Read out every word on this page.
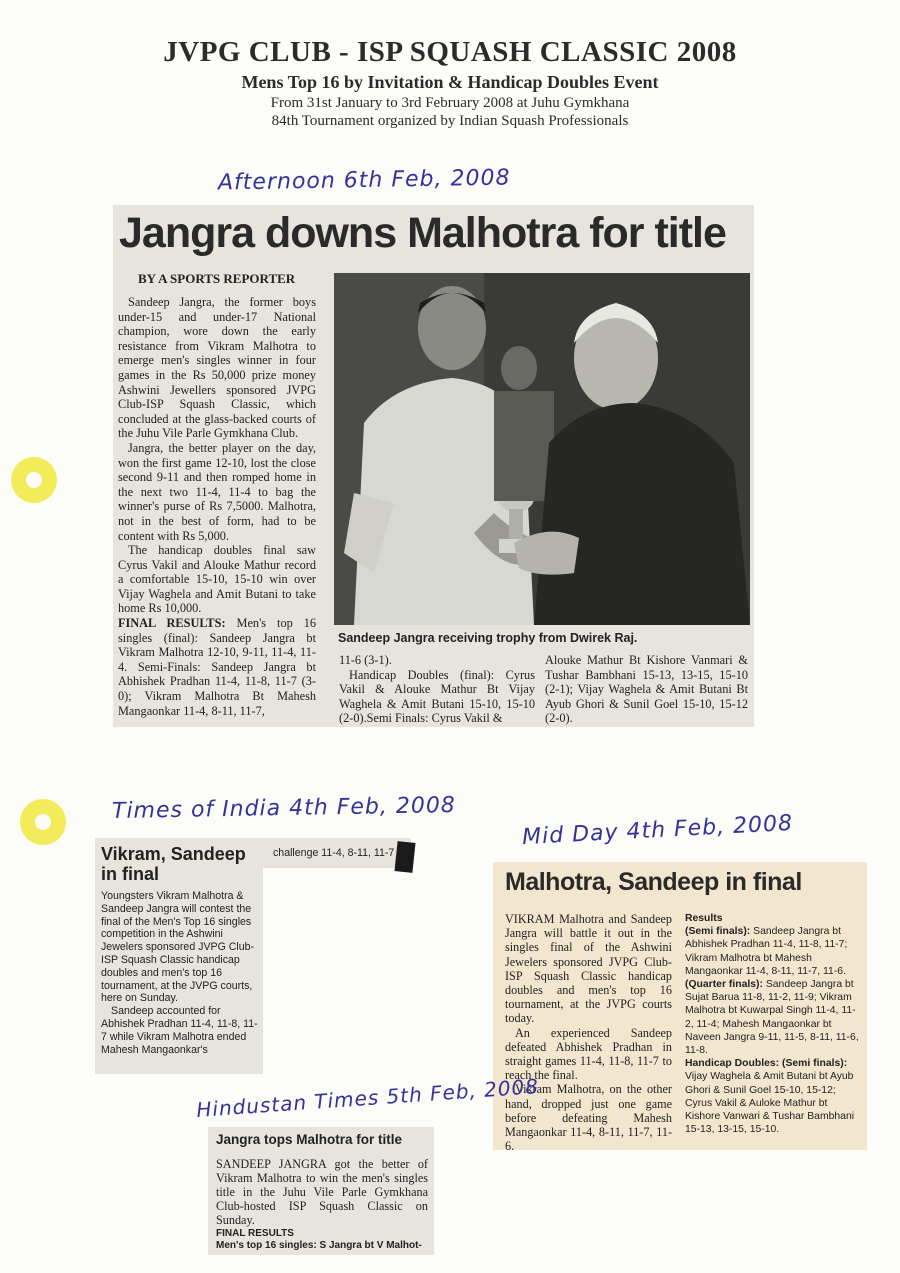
JVPG CLUB - ISP SQUASH CLASSIC 2008
Mens Top 16 by Invitation & Handicap Doubles Event
From 31st January to 3rd February 2008 at Juhu Gymkhana
84th Tournament organized by Indian Squash Professionals
Afternoon 6th Feb, 2008
Jangra downs Malhotra for title
BY A SPORTS REPORTER

Sandeep Jangra, the former boys under-15 and under-17 National champion, wore down the early resistance from Vikram Malhotra to emerge men's singles winner in four games in the Rs 50,000 prize money Ashwini Jewellers sponsored JVPG Club-ISP Squash Classic, which concluded at the glass-backed courts of the Juhu Vile Parle Gymkhana Club.

Jangra, the better player on the day, won the first game 12-10, lost the close second 9-11 and then romped home in the next two 11-4, 11-4 to bag the winner's purse of Rs 7,5000. Malhotra, not in the best of form, had to be content with Rs 5,000.

The handicap doubles final saw Cyrus Vakil and Alouke Mathur record a comfortable 15-10, 15-10 win over Vijay Waghela and Amit Butani to take home Rs 10,000.

FINAL RESULTS: Men's top 16 singles (final): Sandeep Jangra bt Vikram Malhotra 12-10, 9-11, 11-4, 11-4. Semi-Finals: Sandeep Jangra bt Abhishek Pradhan 11-4, 11-8, 11-7 (3-0); Vikram Malhotra Bt Mahesh Mangaonkar 11-4, 8-11, 11-7,

Sandeep Jangra receiving trophy from Dwirek Raj.

11-6 (3-1).

Handicap Doubles (final): Cyrus Vakil & Alouke Mathur Bt Vijay Waghela & Amit Butani 15-10, 15-10 (2-0).Semi Finals: Cyrus Vakil &

Alouke Mathur Bt Kishore Vanmari & Tushar Bambhani 15-13, 13-15, 15-10 (2-1); Vijay Waghela & Amit Butani Bt Ayub Ghori & Sunil Goel 15-10, 15-12 (2-0).

Times of India 4th Feb, 2008
Vikram, Sandeep in final
Youngsters Vikram Malhotra & Sandeep Jangra will contest the final of the Men's Top 16 singles competition in the Ashwini Jewelers sponsored JVPG Club-ISP Squash Classic handicap doubles and men's top 16 tournament, at the JVPG courts, here on Sunday.
Sandeep accounted for Abhishek Pradhan 11-4, 11-8, 11-7 while Vikram Malhotra ended Mahesh Mangaonkar's
challenge 11-4, 8-11, 11-7
Mid Day 4th Feb, 2008
Malhotra, Sandeep in final

VIKRAM Malhotra and Sandeep Jangra will battle it out in the singles final of the Ashwini Jewelers sponsored JVPG Club-ISP Squash Classic handicap doubles and men's top 16 tournament, at the JVPG courts today.

An experienced Sandeep defeated Abhishek Pradhan in straight games 11-4, 11-8, 11-7 to reach the final.

Vikram Malhotra, on the other hand, dropped just one game before defeating Mahesh Mangaonkar 11-4, 8-11, 11-7, 11-6.

Results
(Semi finals): Sandeep Jangra bt Abhishek Pradhan 11-4, 11-8, 11-7; Vikram Malhotra bt Mahesh Mangaonkar 11-4, 8-11, 11-7, 11-6.
(Quarter finals): Sandeep Jangra bt Sujat Barua 11-8, 11-2, 11-9; Vikram Malhotra bt Kuwarpal Singh 11-4, 11-2, 11-4; Mahesh Mangaonkar bt Naveen Jangra 9-11, 11-5, 8-11, 11-6, 11-8.
Handicap Doubles: (Semi finals): Vijay Waghela & Amit Butani bt Ayub Ghori & Sunil Goel 15-10, 15-12; Cyrus Vakil & Auloke Mathur bt Kishore Vanwari & Tushar Bambhani 15-13, 13-15, 15-10.
Hindustan Times 5th Feb, 2008
Jangra tops Malhotra for title
SANDEEP JANGRA got the better of Vikram Malhotra to win the men's singles title in the Juhu Vile Parle Gymkhana Club-hosted ISP Squash Classic on Sunday.
FINAL RESULTS
Men's top 16 singles: S Jangra bt V Malhot-
